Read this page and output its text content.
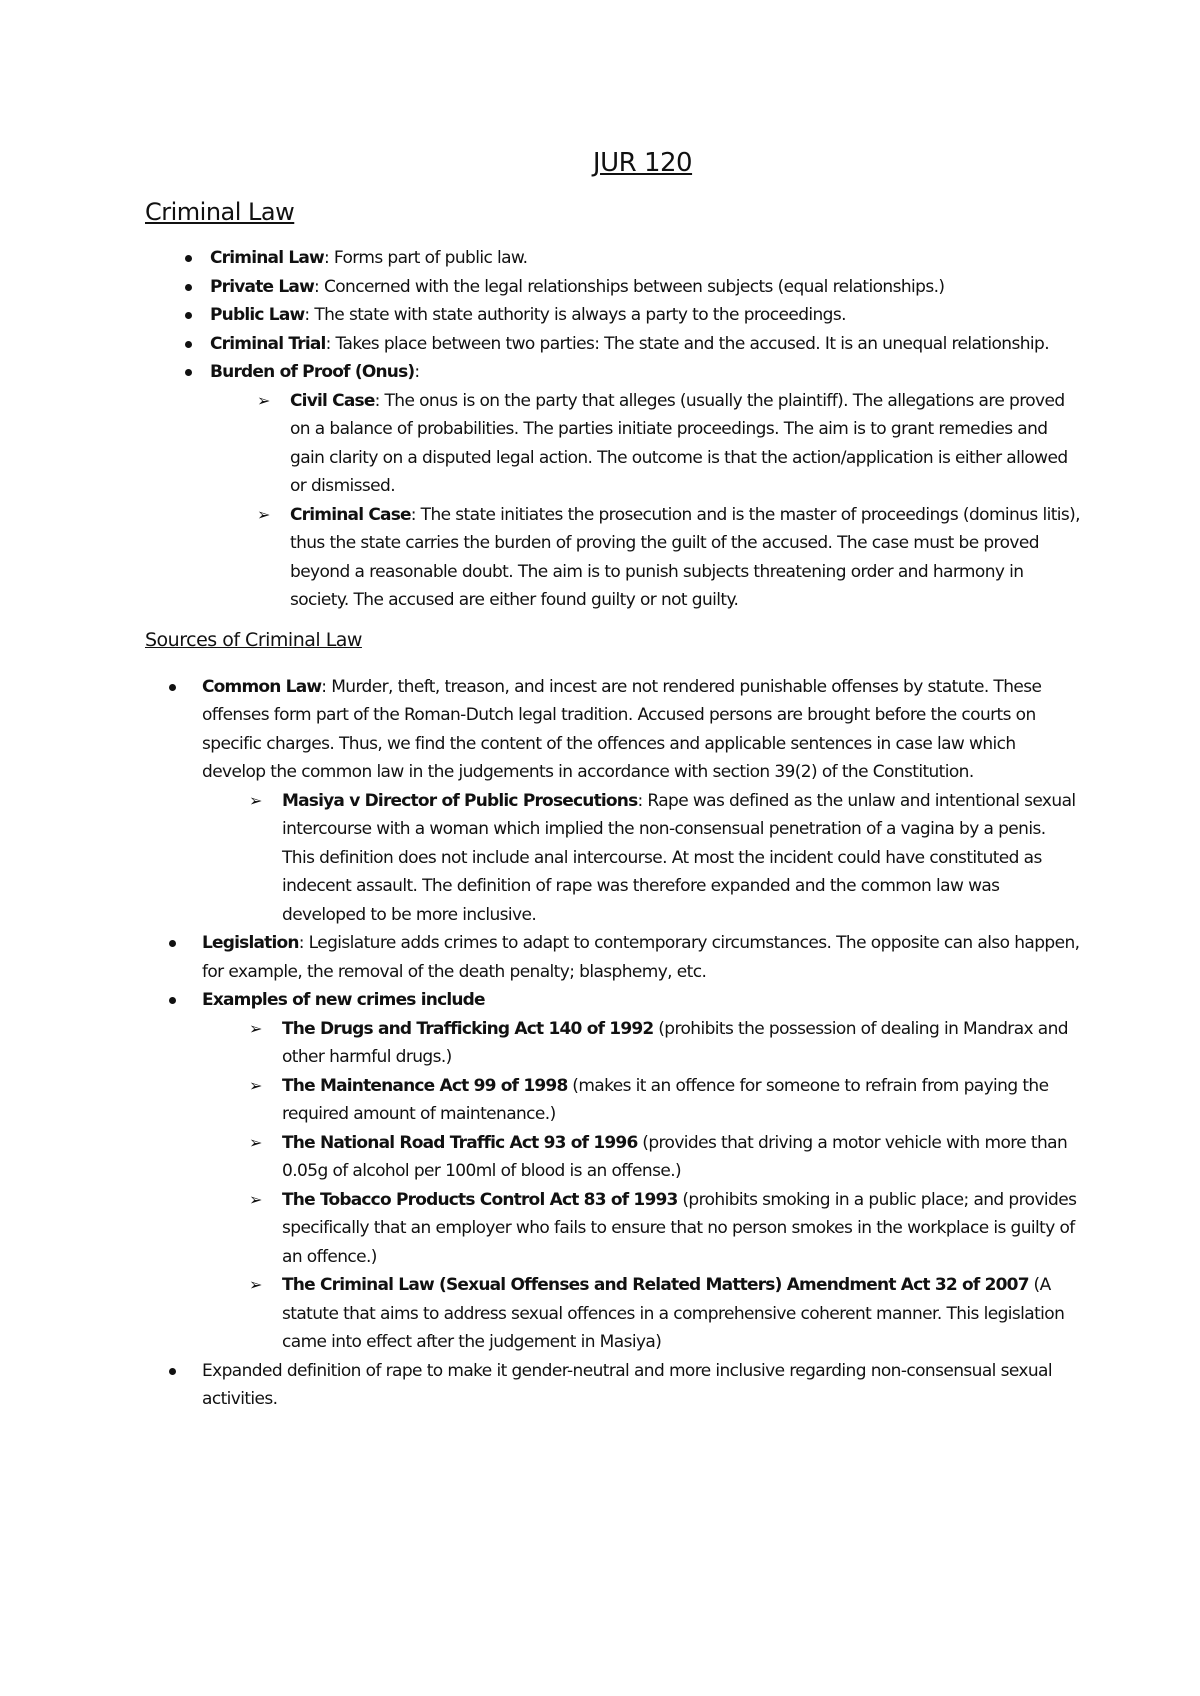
JUR 120
Criminal Law
Criminal Law: Forms part of public law.
Private Law: Concerned with the legal relationships between subjects (equal relationships.)
Public Law: The state with state authority is always a party to the proceedings.
Criminal Trial: Takes place between two parties: The state and the accused. It is an unequal relationship.
Burden of Proof (Onus):
➢ Civil Case: The onus is on the party that alleges (usually the plaintiff). The allegations are proved on a balance of probabilities. The parties initiate proceedings. The aim is to grant remedies and gain clarity on a disputed legal action. The outcome is that the action/application is either allowed or dismissed.
➢ Criminal Case: The state initiates the prosecution and is the master of proceedings (dominus litis), thus the state carries the burden of proving the guilt of the accused. The case must be proved beyond a reasonable doubt. The aim is to punish subjects threatening order and harmony in society. The accused are either found guilty or not guilty.
Sources of Criminal Law
Common Law: Murder, theft, treason, and incest are not rendered punishable offenses by statute. These offenses form part of the Roman-Dutch legal tradition. Accused persons are brought before the courts on specific charges. Thus, we find the content of the offences and applicable sentences in case law which develop the common law in the judgements in accordance with section 39(2) of the Constitution.
➢ Masiya v Director of Public Prosecutions: Rape was defined as the unlaw and intentional sexual intercourse with a woman which implied the non-consensual penetration of a vagina by a penis. This definition does not include anal intercourse. At most the incident could have constituted as indecent assault. The definition of rape was therefore expanded and the common law was developed to be more inclusive.
Legislation: Legislature adds crimes to adapt to contemporary circumstances. The opposite can also happen, for example, the removal of the death penalty; blasphemy, etc.
Examples of new crimes include
➢ The Drugs and Trafficking Act 140 of 1992 (prohibits the possession of dealing in Mandrax and other harmful drugs.)
➢ The Maintenance Act 99 of 1998 (makes it an offence for someone to refrain from paying the required amount of maintenance.)
➢ The National Road Traffic Act 93 of 1996 (provides that driving a motor vehicle with more than 0.05g of alcohol per 100ml of blood is an offense.)
➢ The Tobacco Products Control Act 83 of 1993 (prohibits smoking in a public place; and provides specifically that an employer who fails to ensure that no person smokes in the workplace is guilty of an offence.)
➢ The Criminal Law (Sexual Offenses and Related Matters) Amendment Act 32 of 2007 (A statute that aims to address sexual offences in a comprehensive coherent manner. This legislation came into effect after the judgement in Masiya)
Expanded definition of rape to make it gender-neutral and more inclusive regarding non-consensual sexual activities.
